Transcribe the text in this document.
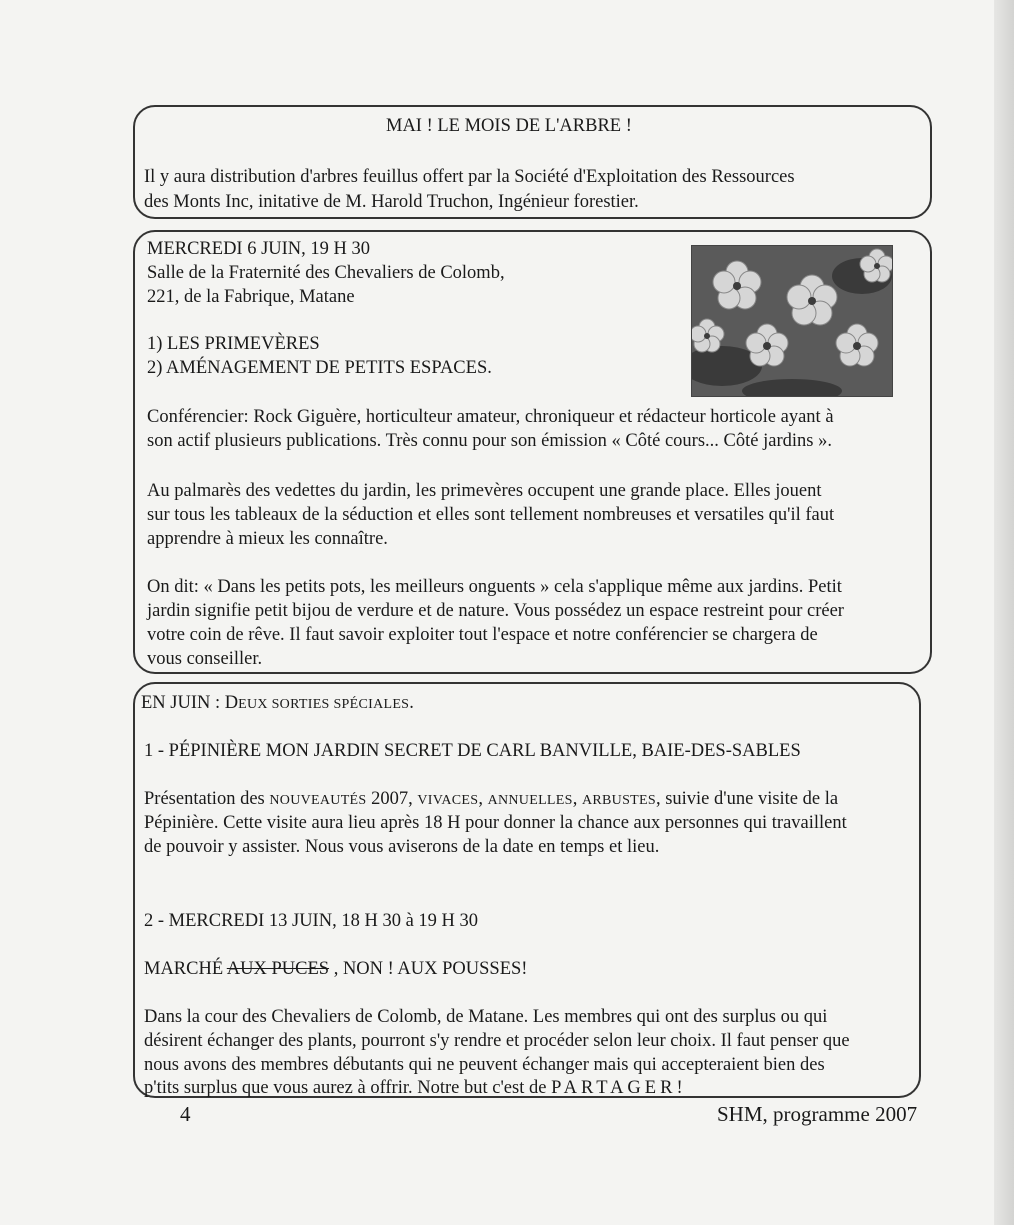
MAI ! LE MOIS DE L'ARBRE !
Il y aura distribution d'arbres feuillus offert par la Société d'Exploitation des Ressources
des Monts Inc, initative de M. Harold Truchon, Ingénieur forestier.
MERCREDI 6 JUIN, 19 H 30
Salle de la Fraternité des Chevaliers de Colomb,
221, de la Fabrique, Matane
1) LES PRIMEVÈRES
2) AMÉNAGEMENT DE PETITS ESPACES.
Conférencier: Rock Giguère, horticulteur amateur, chroniqueur et rédacteur horticole ayant à
son actif plusieurs publications. Très connu pour son émission « Côté cours... Côté jardins ».
Au palmarès des vedettes du jardin, les primevères occupent une grande place. Elles jouent
sur tous les tableaux de la séduction et elles sont tellement nombreuses et versatiles qu'il faut
apprendre à mieux les connaître.
On dit: « Dans les petits pots, les meilleurs onguents » cela s'applique même aux jardins. Petit
jardin signifie petit bijou de verdure et de nature. Vous possédez un espace restreint pour créer
votre coin de rêve. Il faut savoir exploiter tout l'espace et notre conférencier se chargera de
vous conseiller.
EN JUIN : DEUX SORTIES SPÉCIALES.
1 - PÉPINIÈRE MON JARDIN SECRET DE CARL BANVILLE, BAIE-DES-SABLES
Présentation des NOUVEAUTÉS 2007, VIVACES, ANNUELLES, ARBUSTES, suivie d'une visite de la
Pépinière. Cette visite aura lieu après 18 H pour donner la chance aux personnes qui travaillent
de pouvoir y assister. Nous vous aviserons de la date en temps et lieu.
2 - MERCREDI 13 JUIN, 18 H 30 à 19 H 30
MARCHÉ AUX PUCES , NON ! AUX POUSSES!
Dans la cour des Chevaliers de Colomb, de Matane. Les membres qui ont des surplus ou qui
désirent échanger des plants, pourront s'y rendre et procéder selon leur choix. Il faut penser que
nous avons des membres débutants qui ne peuvent échanger mais qui accepteraient bien des
p'tits surplus que vous aurez à offrir. Notre but c'est de PARTAGER!
4	SHM, programme 2007
